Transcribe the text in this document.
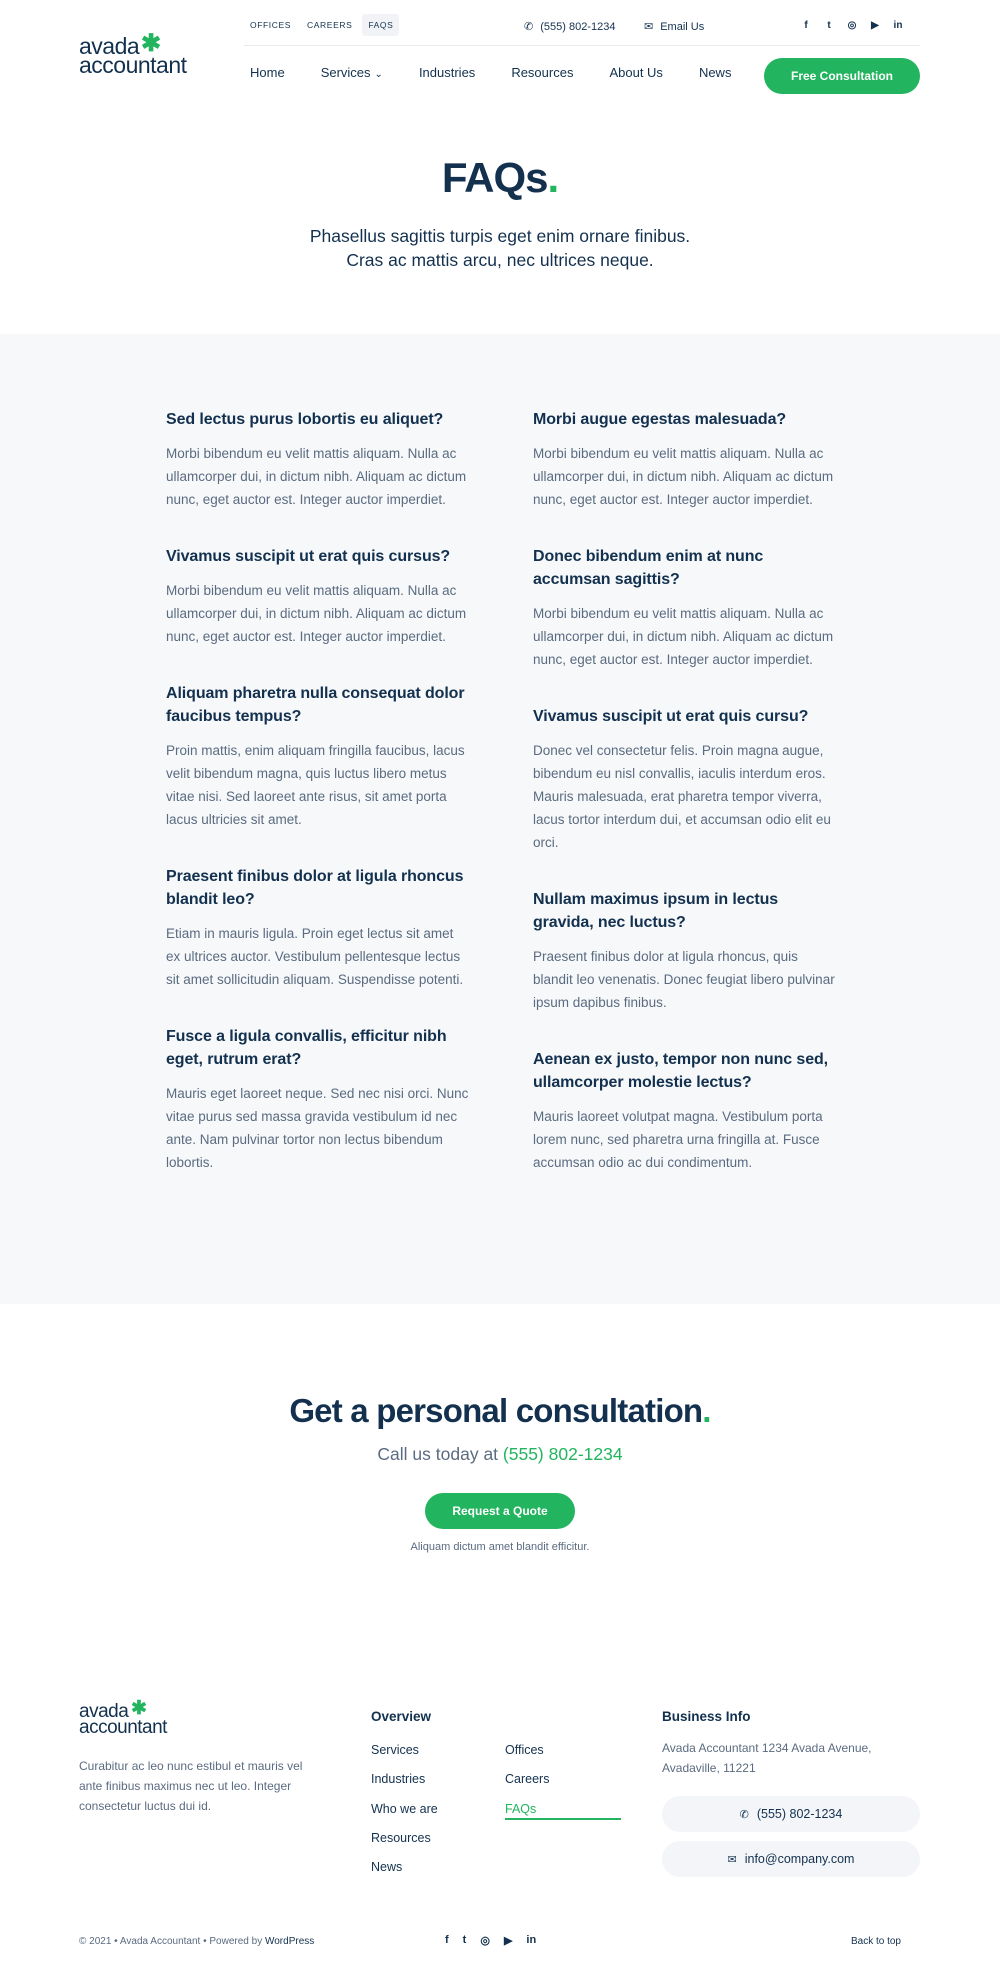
avada ✱
accountant
OFFICES	CAREERS	FAQS	✆ (555) 802-1234	✉ Email Us	f	t	◎ ▶ in
Home	Services ⌄	Industries	Resources	About Us	News	Free Consultation
FAQs.

Phasellus sagittis turpis eget enim ornare finibus.
Cras ac mattis arcu, nec ultrices neque.

Sed lectus purus lobortis eu aliquet?

Morbi bibendum eu velit mattis aliquam. Nulla ac ullamcorper dui, in dictum nibh. Aliquam ac dictum nunc, eget auctor est. Integer auctor imperdiet.

Vivamus suscipit ut erat quis cursus?

Morbi bibendum eu velit mattis aliquam. Nulla ac ullamcorper dui, in dictum nibh. Aliquam ac dictum nunc, eget auctor est. Integer auctor imperdiet.

Aliquam pharetra nulla consequat dolor faucibus tempus?

Proin mattis, enim aliquam fringilla faucibus, lacus velit bibendum magna, quis luctus libero metus vitae nisi. Sed laoreet ante risus, sit amet porta lacus ultricies sit amet.

Praesent finibus dolor at ligula rhoncus blandit leo?

Etiam in mauris ligula. Proin eget lectus sit amet ex ultrices auctor. Vestibulum pellentesque lectus sit amet sollicitudin aliquam. Suspendisse potenti.

Fusce a ligula convallis, efficitur nibh eget, rutrum erat?

Mauris eget laoreet neque. Sed nec nisi orci. Nunc vitae purus sed massa gravida vestibulum id nec ante. Nam pulvinar tortor non lectus bibendum lobortis.

Morbi augue egestas malesuada?

Morbi bibendum eu velit mattis aliquam. Nulla ac ullamcorper dui, in dictum nibh. Aliquam ac dictum nunc, eget auctor est. Integer auctor imperdiet.

Donec bibendum enim at nunc accumsan sagittis?

Morbi bibendum eu velit mattis aliquam. Nulla ac ullamcorper dui, in dictum nibh. Aliquam ac dictum nunc, eget auctor est. Integer auctor imperdiet.

Vivamus suscipit ut erat quis cursu?

Donec vel consectetur felis. Proin magna augue, bibendum eu nisl convallis, iaculis interdum eros. Mauris malesuada, erat pharetra tempor viverra, lacus tortor interdum dui, et accumsan odio elit eu orci.

Nullam maximus ipsum in lectus gravida, nec luctus?

Praesent finibus dolor at ligula rhoncus, quis blandit leo venenatis. Donec feugiat libero pulvinar ipsum dapibus finibus.

Aenean ex justo, tempor non nunc sed, ullamcorper molestie lectus?

Mauris laoreet volutpat magna. Vestibulum porta lorem nunc, sed pharetra urna fringilla at. Fusce accumsan odio ac dui condimentum.

Get a personal consultation.

Call us today at (555) 802-1234

Request a Quote

Aliquam dictum amet blandit efficitur.

avada ✱
accountant

Curabitur ac leo nunc estibul et mauris vel ante finibus maximus nec ut leo. Integer consectetur luctus dui id.

Overview
Services
Industries
Who we are
Resources
News
Offices
Careers
FAQs
Business Info

Avada Accountant 1234 Avada Avenue, Avadaville, 11221

✆ (555) 802-1234
✉ info@company.com

© 2021 • Avada Accountant • Powered by WordPress	f t ◎ ▶ in	Back to top
